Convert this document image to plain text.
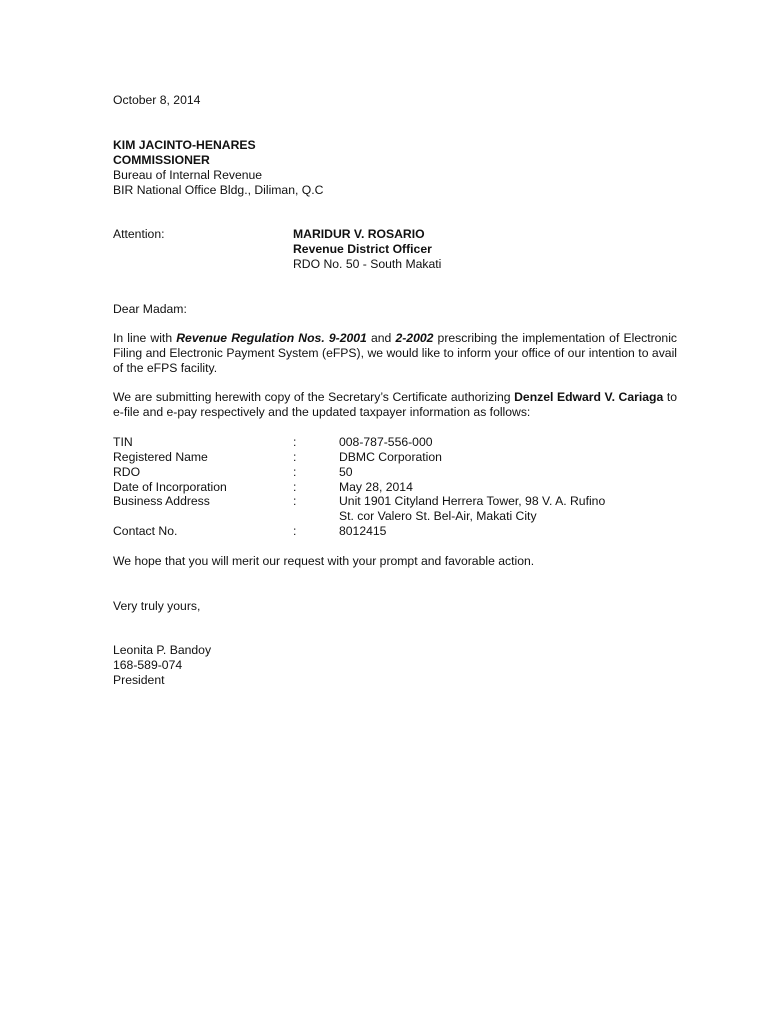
October 8, 2014
KIM JACINTO-HENARES
COMMISSIONER
Bureau of Internal Revenue
BIR National Office Bldg., Diliman, Q.C
Attention:	MARIDUR V. ROSARIO
Revenue District Officer
RDO No. 50 - South Makati
Dear Madam:
In line with Revenue Regulation Nos. 9-2001 and 2-2002 prescribing the implementation of Electronic Filing and Electronic Payment System (eFPS), we would like to inform your office of our intention to avail of the eFPS facility.
We are submitting herewith copy of the Secretary’s Certificate authorizing Denzel Edward V. Cariaga to e-file and e-pay respectively and the updated taxpayer information as follows:
TIN	:	008-787-556-000
Registered Name	:	DBMC Corporation
RDO	:	50
Date of Incorporation	:	May 28, 2014
Business Address	:	Unit 1901 Cityland Herrera Tower, 98 V. A. Rufino
St. cor Valero St. Bel-Air, Makati City
Contact No.	:	8012415
We hope that you will merit our request with your prompt and favorable action.
Very truly yours,
Leonita P. Bandoy
168-589-074
President
